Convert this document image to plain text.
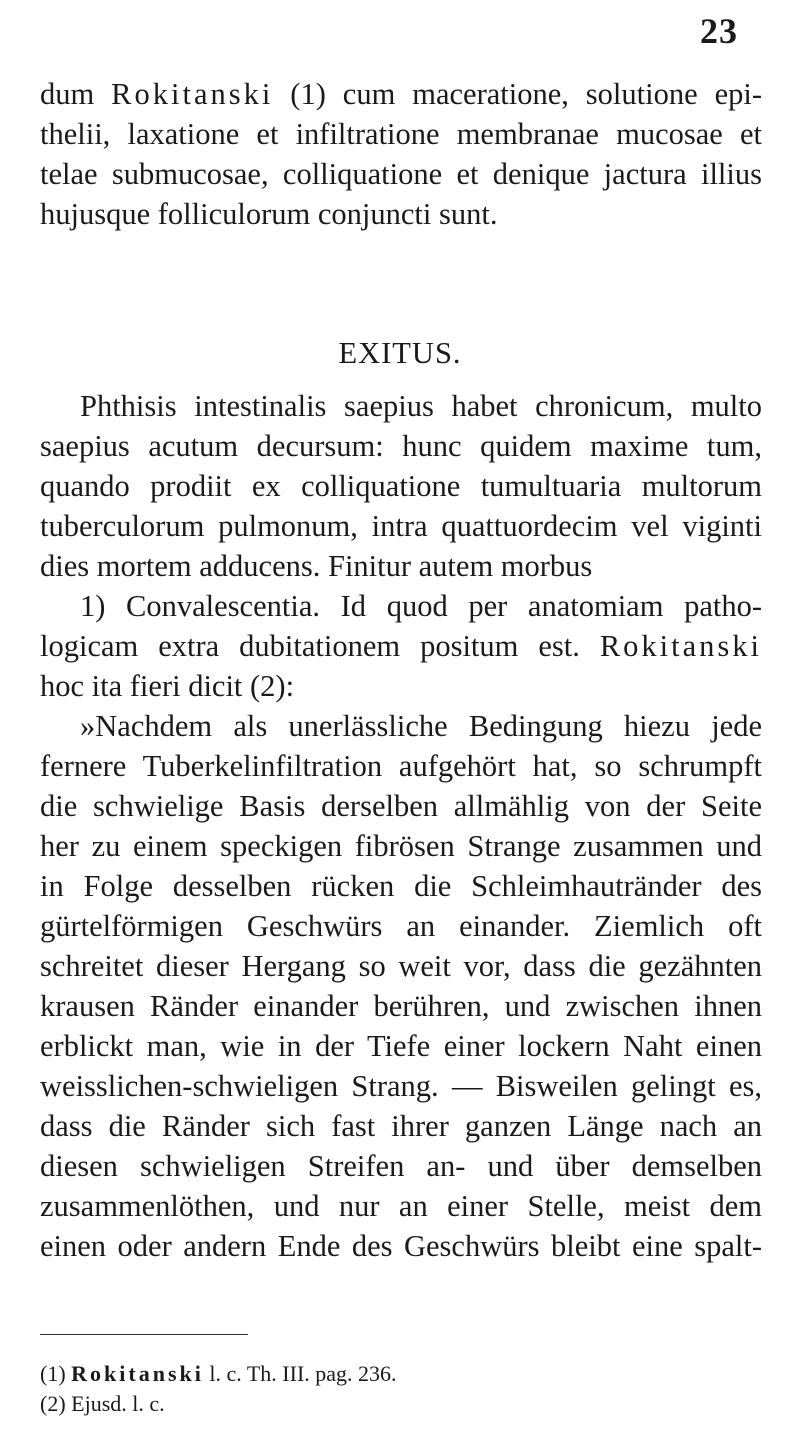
23
dum Rokitanski (1) cum maceratione, solutione epi-
thelii, laxatione et infiltratione membranae mucosae et
telae submucosae, colliquatione et denique jactura illius
hujusque folliculorum conjuncti sunt.
EXITUS.
Phthisis intestinalis saepius habet chronicum, multo
saepius acutum decursum: hunc quidem maxime tum,
quando prodiit ex colliquatione tumultuaria multorum
tuberculorum pulmonum, intra quattuordecim vel viginti
dies mortem adducens. Finitur autem morbus
1) Convalescentia. Id quod per anatomiam patho-
logicam extra dubitationem positum est. Rokitanski
hoc ita fieri dicit (2):
»Nachdem als unerlässliche Bedingung hiezu jede
fernere Tuberkelinfiltration aufgehört hat, so schrumpft
die schwielige Basis derselben allmählig von der Seite
her zu einem speckigen fibrösen Strange zusammen und
in Folge desselben rücken die Schleimhautränder des
gürtelförmigen Geschwürs an einander. Ziemlich oft
schreitet dieser Hergang so weit vor, dass die gezähnten
krausen Ränder einander berühren, und zwischen ihnen
erblickt man, wie in der Tiefe einer lockern Naht einen
weisslichen-schwieligen Strang. — Bisweilen gelingt es,
dass die Ränder sich fast ihrer ganzen Länge nach an
diesen schwieligen Streifen an- und über demselben
zusammenlöthen, und nur an einer Stelle, meist dem
einen oder andern Ende des Geschwürs bleibt eine spalt-
(1) Rokitanski l. c. Th. III. pag. 236.
(2) Ejusd. l. c.
